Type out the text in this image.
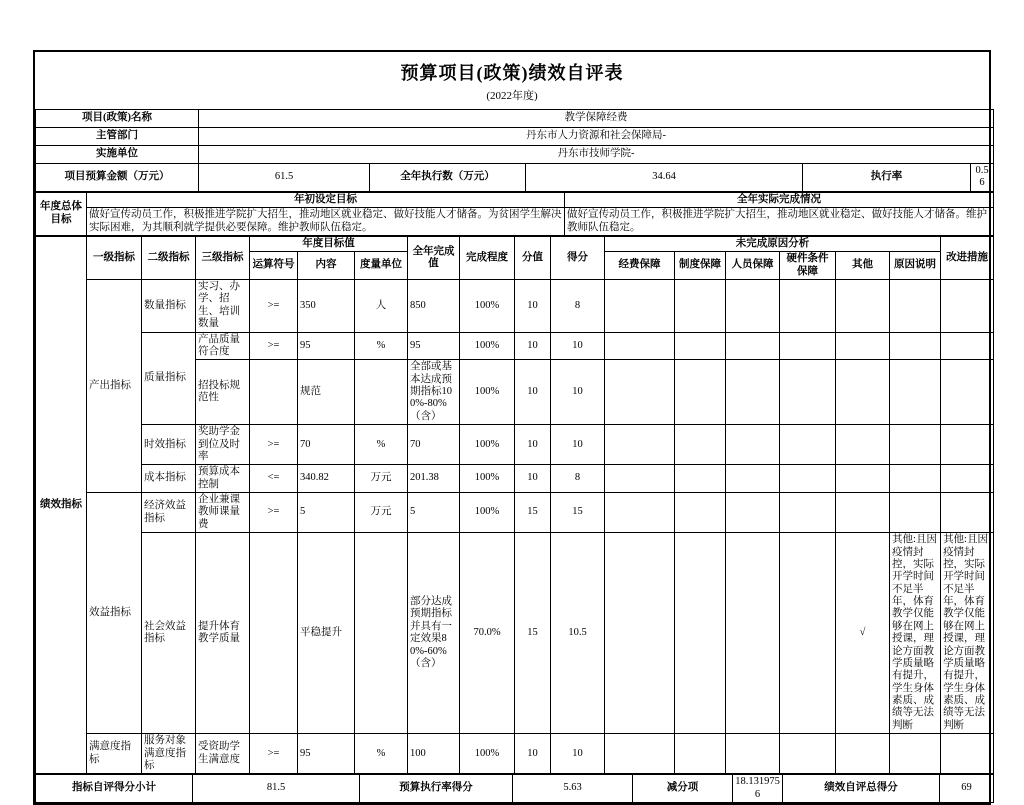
预算项目(政策)绩效自评表
(2022年度)
项目(政策)名称	教学保障经费				
主管部门	丹东市人力资源和社会保障局-				
实施单位	丹东市技师学院-				
项目预算金额（万元）	61.5	全年执行数（万元）	34.64	执行率	0.56
年度总体目标	年初设定目标	全年实际完成情况
	做好宣传动员工作，积极推进学院扩大招生，推动地区就业稳定、做好技能人才储备。为贫困学生解决实际困难，为其顺利就学提供必要保障。维护教师队伍稳定。	做好宣传动员工作，积极推进学院扩大招生，推动地区就业稳定、做好技能人才储备。维护教师队伍稳定。
绩效指标	一级指标	二级指标	三级指标	年度目标值			全年完成值	完成程度	分值	得分	未完成原因分析						改进措施
				运算符号	内容	度量单位					经费保障	制度保障	人员保障	硬件条件保障	其他	原因说明	
	产出指标	数量指标	实习、办学、招生、培训数量	>=	350	人	850	100%	10	8							
		质量指标	产品质量符合度	>=	95	%	95	100%	10	10							
			招投标规范性		规范		全部或基本达成预期指标100%-80%（含）	100%	10	10							
		时效指标	奖助学金到位及时率	>=	70	%	70	100%	10	10							
		成本指标	预算成本控制	<=	340.82	万元	201.38	100%	10	8							
	效益指标	经济效益指标	企业兼课教师课量费	>=	5	万元	5	100%	15	15							
		社会效益指标	提升体育教学质量		平稳提升		部分达成预期指标并具有一定效果80%-60%（含）	70.0%	15	10.5					√	其他:且因疫情封控，实际开学时间不足半年，体育教学仅能够在网上授课，理论方面教学质量略有提升，学生身体素质、成绩等无法判断	其他:且因疫情封控，实际开学时间不足半年，体育教学仅能够在网上授课，理论方面教学质量略有提升，学生身体素质、成绩等无法判断
	满意度指标	服务对象满意度指标	受资助学生满意度	>=	95	%	100	100%	10	10							
指标自评得分小计	81.5	预算执行率得分	5.63	减分项	18.1319756	绩效自评总得分	69
